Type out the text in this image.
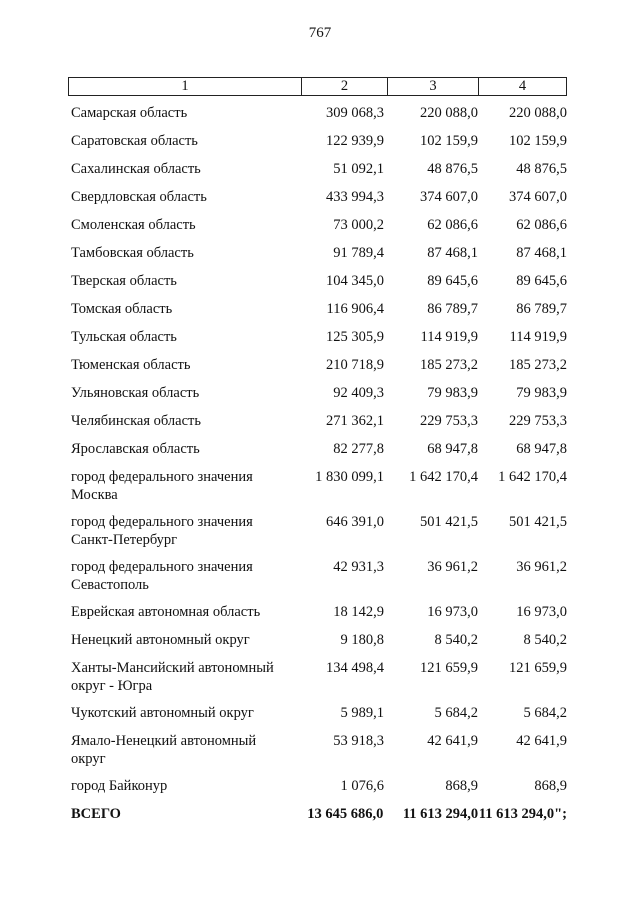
767
1	2	3	4
Самарская область	309 068,3	220 088,0	220 088,0
Саратовская область	122 939,9	102 159,9	102 159,9
Сахалинская область	51 092,1	48 876,5	48 876,5
Свердловская область	433 994,3	374 607,0	374 607,0
Смоленская область	73 000,2	62 086,6	62 086,6
Тамбовская область	91 789,4	87 468,1	87 468,1
Тверская область	104 345,0	89 645,6	89 645,6
Томская область	116 906,4	86 789,7	86 789,7
Тульская область	125 305,9	114 919,9	114 919,9
Тюменская область	210 718,9	185 273,2	185 273,2
Ульяновская область	92 409,3	79 983,9	79 983,9
Челябинская область	271 362,1	229 753,3	229 753,3
Ярославская область	82 277,8	68 947,8	68 947,8
город федерального значения
Москва
1 830 099,1	1 642 170,4	1 642 170,4
город федерального значения
Санкт-Петербург
646 391,0	501 421,5	501 421,5
город федерального значения
Севастополь
42 931,3	36 961,2	36 961,2
Еврейская автономная область	18 142,9	16 973,0	16 973,0
Ненецкий автономный округ	9 180,8	8 540,2	8 540,2
Ханты-Мансийский автономный
округ - Югра
134 498,4	121 659,9	121 659,9
Чукотский автономный округ	5 989,1	5 684,2	5 684,2
Ямало-Ненецкий автономный
округ
53 918,3	42 641,9	42 641,9
город Байконур	1 076,6	868,9	868,9
ВСЕГО	13 645 686,0	11 613 294,0 11 613 294,0";
